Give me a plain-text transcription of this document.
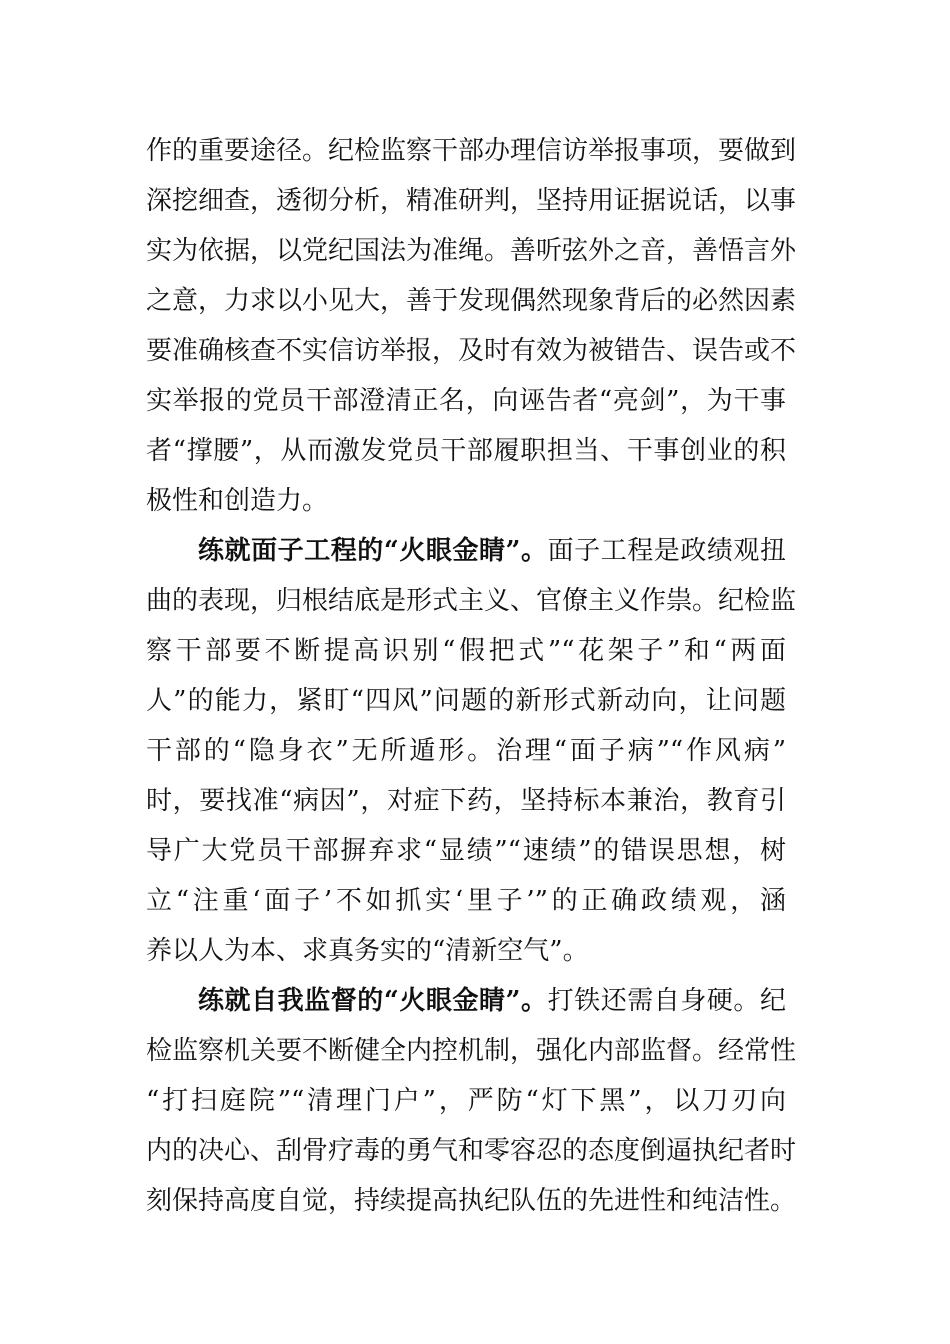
作的重要途径。纪检监察干部办理信访举报事项，要做到
深挖细查，透彻分析，精准研判，坚持用证据说话，以事
实为依据，以党纪国法为准绳。善听弦外之音，善悟言外
之意，力求以小见大，善于发现偶然现象背后的必然因素
要准确核查不实信访举报，及时有效为被错告、误告或不
实举报的党员干部澄清正名，向诬告者“亮剑”，为干事
者“撑腰”，从而激发党员干部履职担当、干事创业的积
极性和创造力。
练就面子工程的“火眼金睛”。面子工程是政绩观扭
曲的表现，归根结底是形式主义、官僚主义作祟。纪检监
察干部要不断提高识别“假把式”“花架子”和“两面
人”的能力，紧盯“四风”问题的新形式新动向，让问题
干部的“隐身衣”无所遁形。治理“面子病”“作风病”
时，要找准“病因”，对症下药，坚持标本兼治，教育引
导广大党员干部摒弃求“显绩”“速绩”的错误思想，树
立“注重‘面子’不如抓实‘里子’”的正确政绩观，涵
养以人为本、求真务实的“清新空气”。
练就自我监督的“火眼金睛”。打铁还需自身硬。纪
检监察机关要不断健全内控机制，强化内部监督。经常性
“打扫庭院”“清理门户”，严防“灯下黑”，以刀刃向
内的决心、刮骨疗毒的勇气和零容忍的态度倒逼执纪者时
刻保持高度自觉，持续提高执纪队伍的先进性和纯洁性。
